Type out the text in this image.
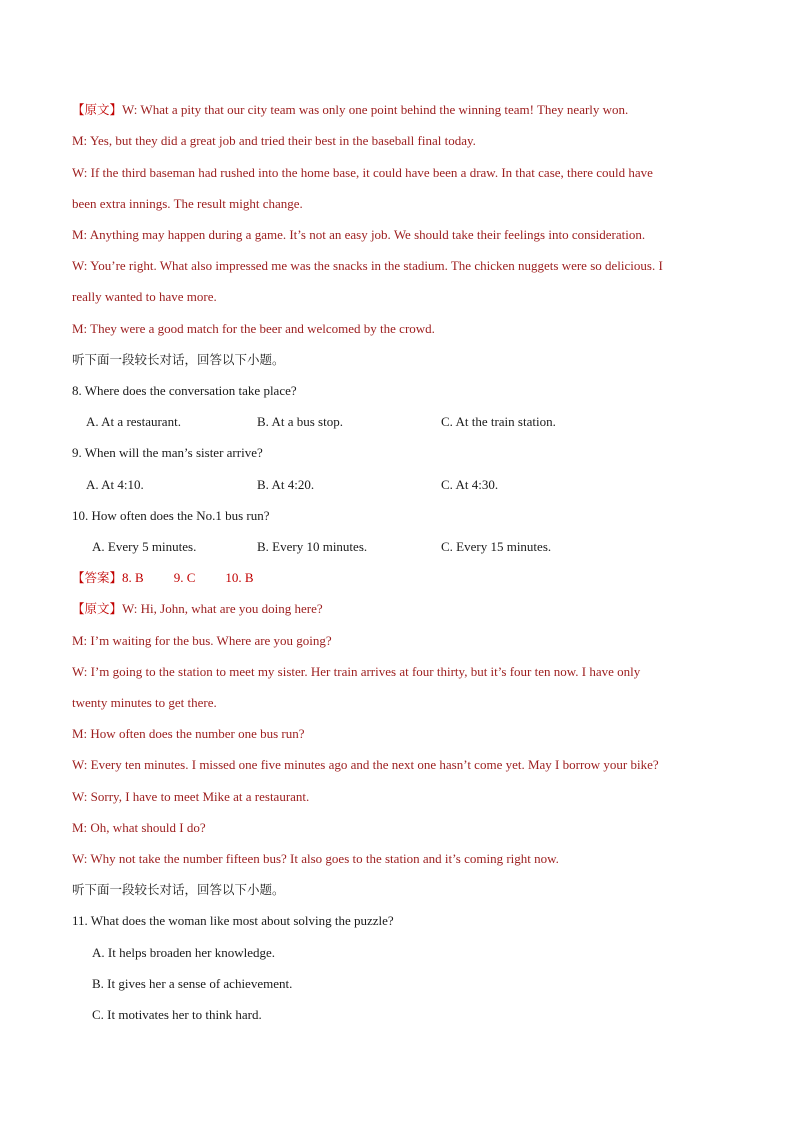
【原文】W: What a pity that our city team was only one point behind the winning team! They nearly won.
M: Yes, but they did a great job and tried their best in the baseball final today.
W: If the third baseman had rushed into the home base, it could have been a draw. In that case, there could have
been extra innings. The result might change.
M: Anything may happen during a game. It’s not an easy job. We should take their feelings into consideration.
W: You’re right. What also impressed me was the snacks in the stadium. The chicken nuggets were so delicious. I
really wanted to have more.
M: They were a good match for the beer and welcomed by the crowd.
听下面一段较长对话，回答以下小题。
8. Where does the conversation take place?
A. At a restaurant.	B. At a bus stop.	C. At the train station.
9. When will the man’s sister arrive?
A. At 4:10.	B. At 4:20.	C. At 4:30.
10. How often does the No.1 bus run?
A. Every 5 minutes.	B. Every 10 minutes.	C. Every 15 minutes.
【答案】8. B 9. C 10. B
【原文】W: Hi, John, what are you doing here?
M: I’m waiting for the bus. Where are you going?
W: I’m going to the station to meet my sister. Her train arrives at four thirty, but it’s four ten now. I have only
twenty minutes to get there.
M: How often does the number one bus run?
W: Every ten minutes. I missed one five minutes ago and the next one hasn’t come yet. May I borrow your bike?
W: Sorry, I have to meet Mike at a restaurant.
M: Oh, what should I do?
W: Why not take the number fifteen bus? It also goes to the station and it’s coming right now.
听下面一段较长对话，回答以下小题。
11. What does the woman like most about solving the puzzle?
A. It helps broaden her knowledge.
B. It gives her a sense of achievement.
C. It motivates her to think hard.
